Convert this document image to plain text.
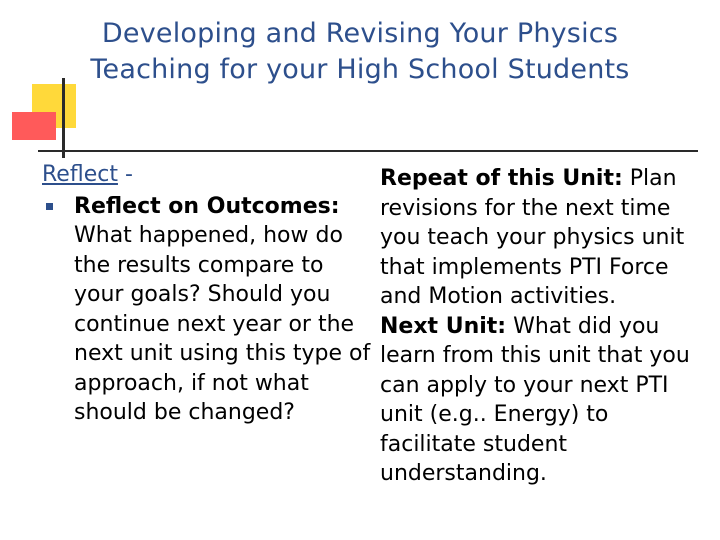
Developing and Revising Your Physics
Teaching for your High School Students
Reflect -
Reflect on Outcomes: What happened, how do the results compare to your goals? Should you continue next year or the next unit using this type of approach, if not what should be changed?

Repeat of this Unit: Plan revisions for the next time you teach your physics unit that implements PTI Force and Motion activities.

Next Unit: What did you learn from this unit that you can apply to your next PTI unit (e.g.. Energy) to facilitate student understanding.
